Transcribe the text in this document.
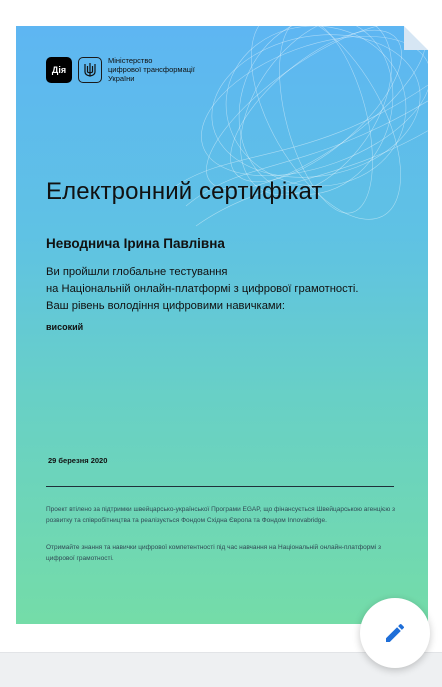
Дія
Міністерство
цифрової трансформації
України
Електронний сертифікат
Неводнича Ірина Павлівна
Ви пройшли глобальне тестування
на Національній онлайн-платформі з цифрової грамотності.
Ваш рівень володіння цифровими навичками:
високий
29 березня 2020
Проект втілено за підтримки швейцарсько-української Програми EGAP, що фінансується Швейцарською агенцією з розвитку та співробітництва та реалізується Фондом Східна Європа та Фондом Innovabridge.
Отримайте знання та навички цифрової компетентності під час навчання на Національній онлайн-платформі з цифрової грамотності.
